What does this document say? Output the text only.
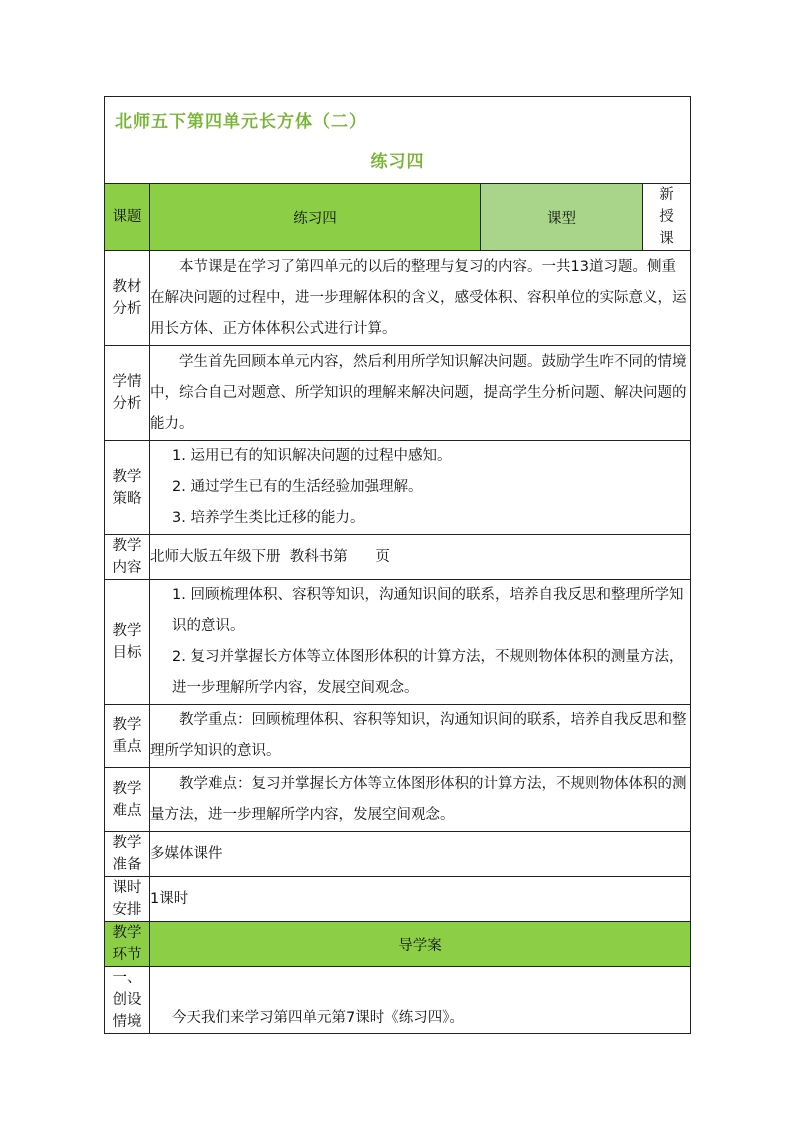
北师五下第四单元长方体（二）
练习四			

课题	练习四	课型	新授课
教材分析	本节课是在学习了第四单元的以后的整理与复习的内容。一共13道习题。侧重在解决问题的过程中，进一步理解体积的含义，感受体积、容积单位的实际意义，运用长方体、正方体体积公式进行计算。		

学情分析	学生首先回顾本单元内容，然后利用所学知识解决问题。鼓励学生咋不同的情境中，综合自己对题意、所学知识的理解来解决问题，提高学生分析问题、解决问题的能力。		

教学策略	1. 运用已有的知识解决问题的过程中感知。

2. 通过学生已有的生活经验加强理解。

3. 培养学生类比迁移的能力。		

教学内容	北师大版五年级下册  教科书第      页		
教学目标	1. 回顾梳理体积、容积等知识，沟通知识间的联系，培养自我反思和整理所学知识的意识。

2. 复习并掌握长方体等立体图形体积的计算方法，不规则物体体积的测量方法，进一步理解所学内容，发展空间观念。		

教学重点	教学重点：回顾梳理体积、容积等知识，沟通知识间的联系，培养自我反思和整理所学知识的意识。		

教学难点	教学难点：复习并掌握长方体等立体图形体积的计算方法，不规则物体体积的测量方法，进一步理解所学内容，发展空间观念。		

教学准备	多媒体课件		
课时安排	1课时		
教学环节	导学案		
一、创设情境	今天我们来学习第四单元第7课时《练习四》。		
